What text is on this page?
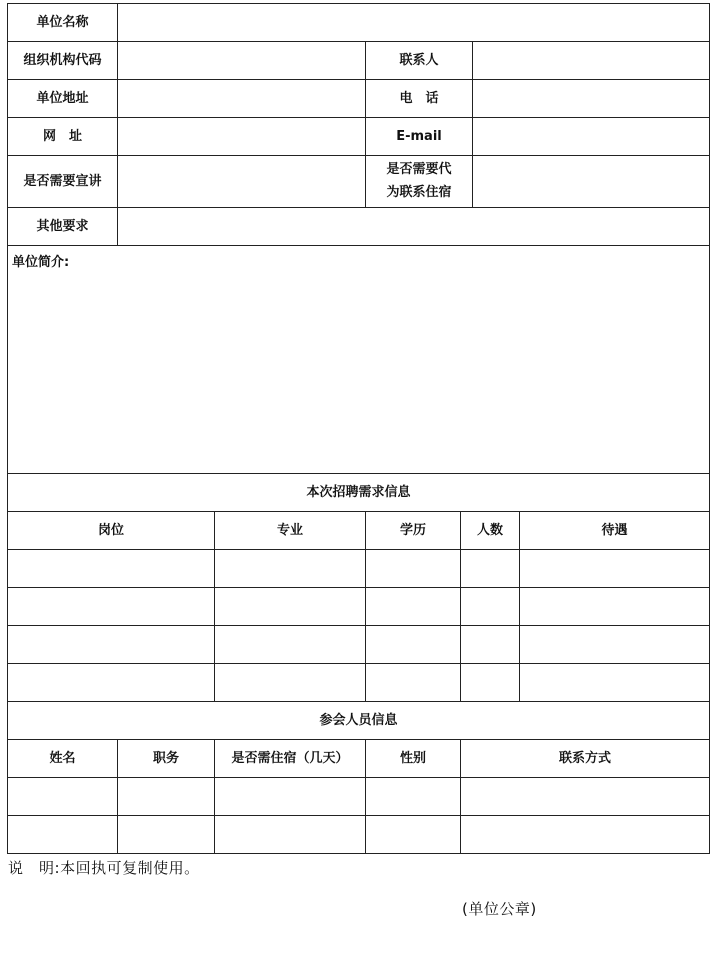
单位名称						
组织机构代码			联系人			
单位地址			电　话			
网　址			E-mail			
是否需要宣讲			是否需要代
为联系住宿			

其他要求						
单位简介:						
本次招聘需求信息						
岗位		专业	学历	人数		待遇

参会人员信息						
姓名	职务	是否需住宿（几天）	性别	联系方式		

说　明:本回执可复制使用。
(单位公章)
